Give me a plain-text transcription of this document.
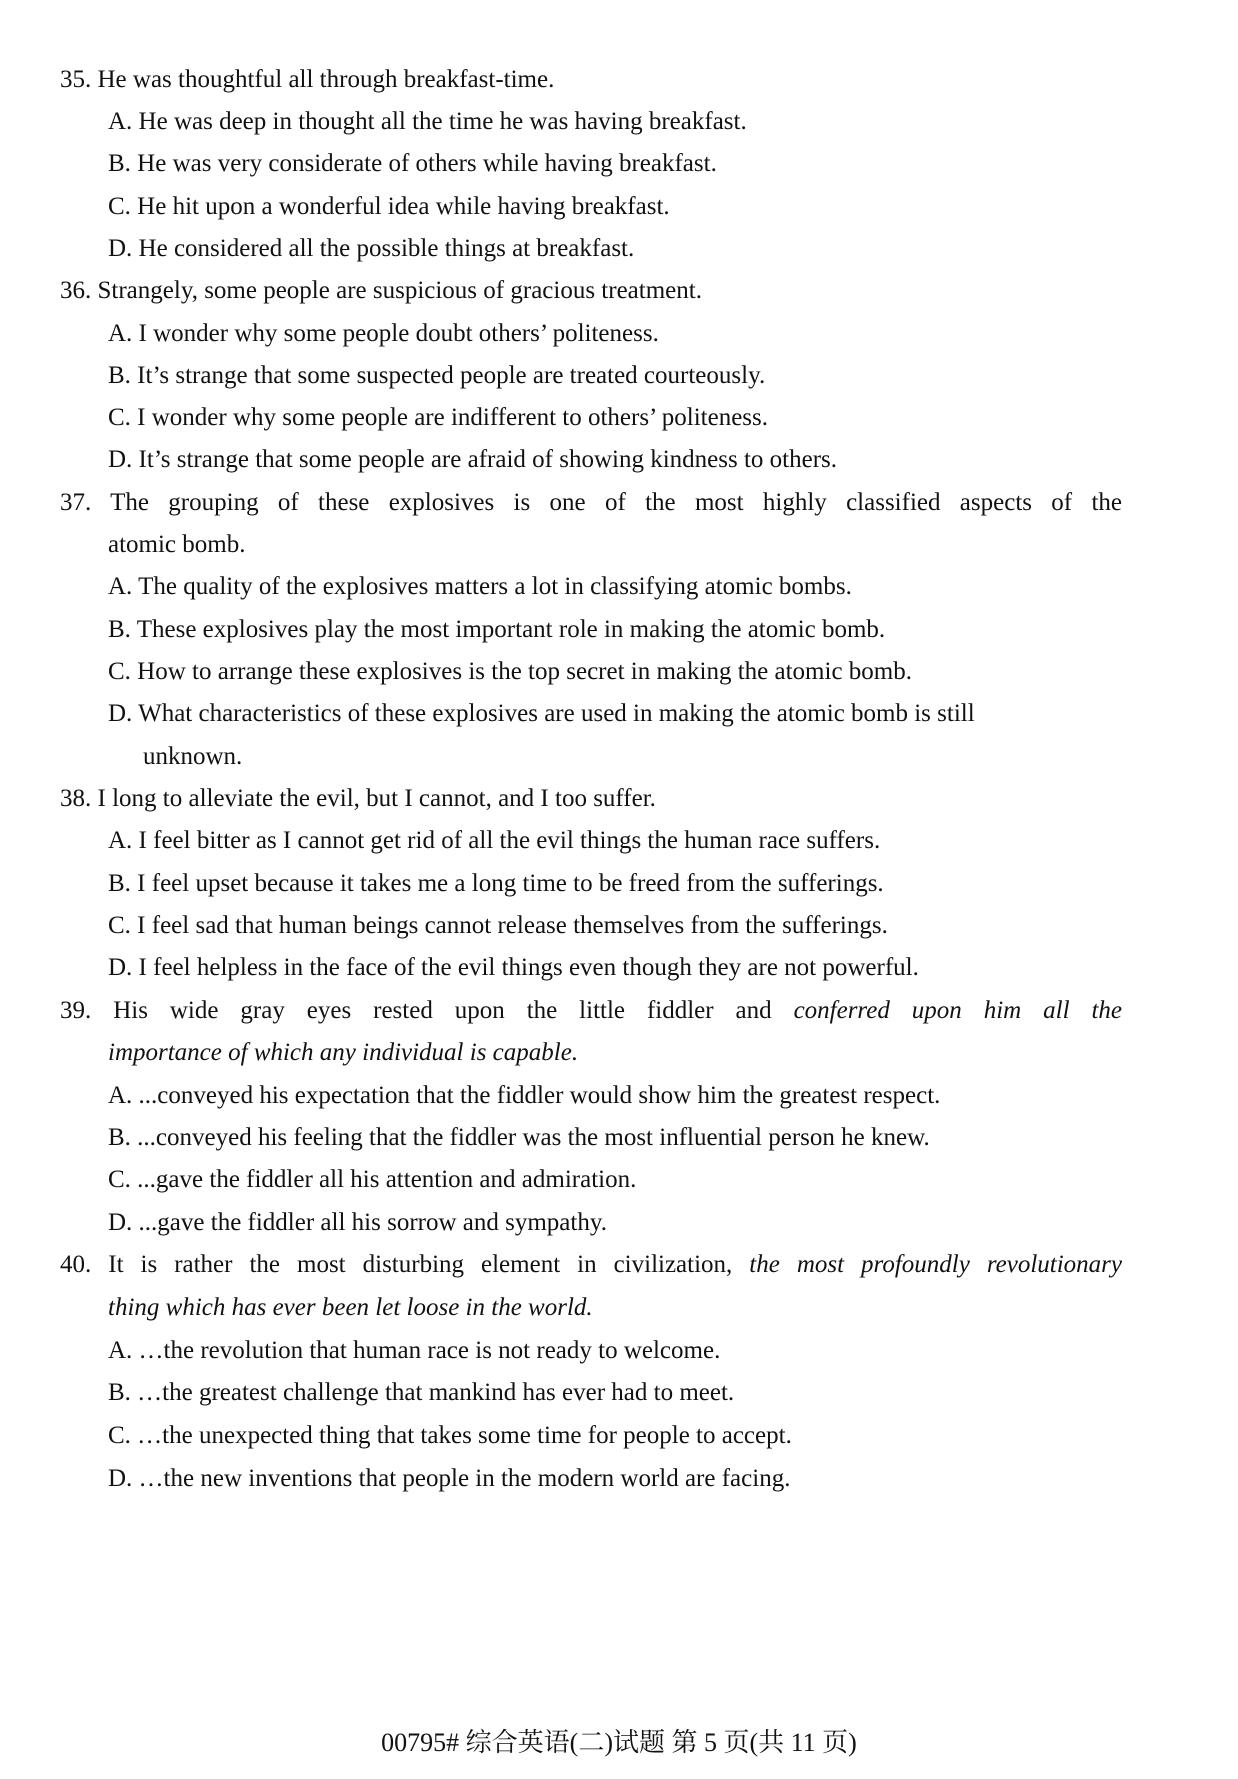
35. He was thoughtful all through breakfast-time.
A. He was deep in thought all the time he was having breakfast.
B. He was very considerate of others while having breakfast.
C. He hit upon a wonderful idea while having breakfast.
D. He considered all the possible things at breakfast.
36. Strangely, some people are suspicious of gracious treatment.
A. I wonder why some people doubt others’ politeness.
B. It’s strange that some suspected people are treated courteously.
C. I wonder why some people are indifferent to others’ politeness.
D. It’s strange that some people are afraid of showing kindness to others.
37. The grouping of these explosives is one of the most highly classified aspects of the
atomic bomb.
A. The quality of the explosives matters a lot in classifying atomic bombs.
B. These explosives play the most important role in making the atomic bomb.
C. How to arrange these explosives is the top secret in making the atomic bomb.
D. What characteristics of these explosives are used in making the atomic bomb is still
unknown.
38. I long to alleviate the evil, but I cannot, and I too suffer.
A. I feel bitter as I cannot get rid of all the evil things the human race suffers.
B. I feel upset because it takes me a long time to be freed from the sufferings.
C. I feel sad that human beings cannot release themselves from the sufferings.
D. I feel helpless in the face of the evil things even though they are not powerful.
39. His wide gray eyes rested upon the little fiddler and conferred upon him all the
importance of which any individual is capable.
A. ...conveyed his expectation that the fiddler would show him the greatest respect.
B. ...conveyed his feeling that the fiddler was the most influential person he knew.
C. ...gave the fiddler all his attention and admiration.
D. ...gave the fiddler all his sorrow and sympathy.
40. It is rather the most disturbing element in civilization, the most profoundly revolutionary
thing which has ever been let loose in the world.
A. …the revolution that human race is not ready to welcome.
B. …the greatest challenge that mankind has ever had to meet.
C. …the unexpected thing that takes some time for people to accept.
D. …the new inventions that people in the modern world are facing.
00795# 综合英语(二)试题 第 5 页(共 11 页)
